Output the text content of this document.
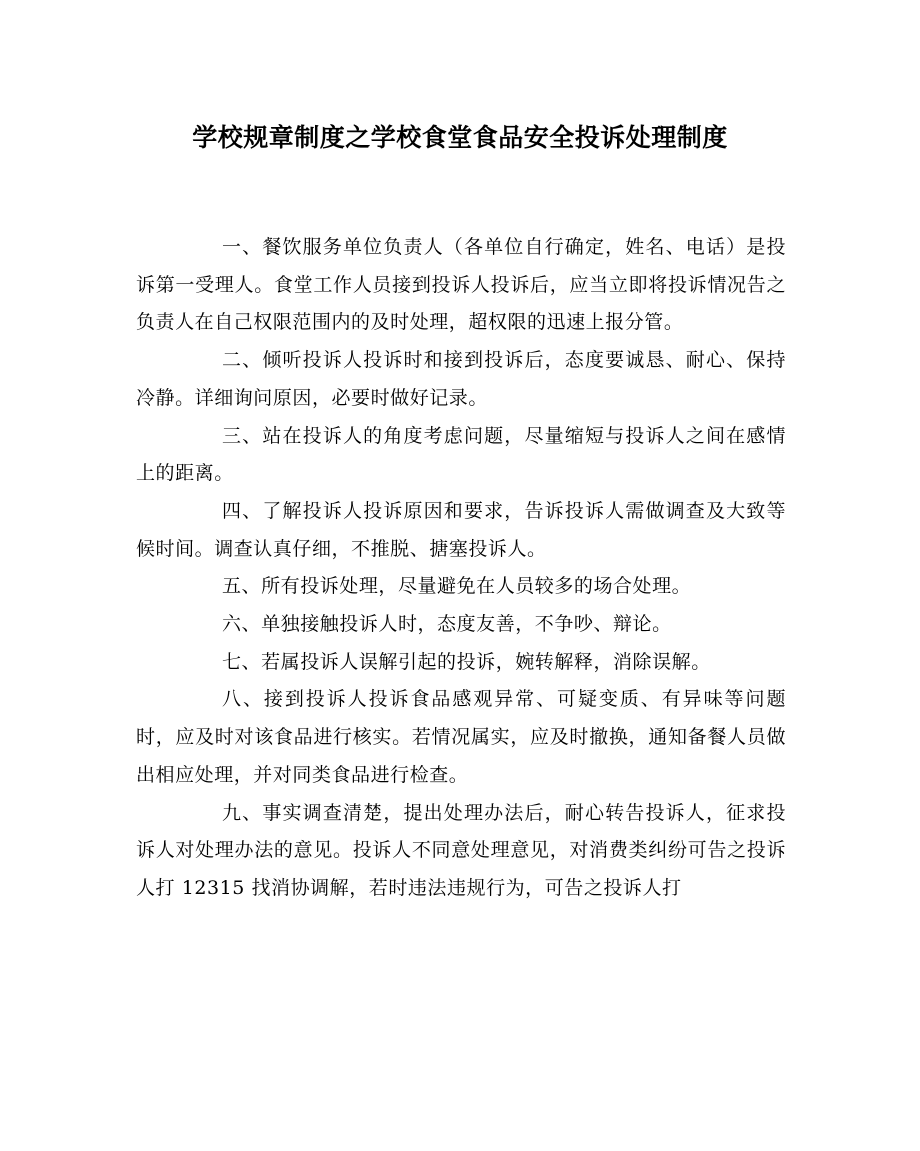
学校规章制度之学校食堂食品安全投诉处理制度

一、餐饮服务单位负责人（各单位自行确定，姓名、电话）是投诉第一受理人。食堂工作人员接到投诉人投诉后，应当立即将投诉情况告之负责人在自己权限范围内的及时处理，超权限的迅速上报分管。

二、倾听投诉人投诉时和接到投诉后，态度要诚恳、耐心、保持冷静。详细询问原因，必要时做好记录。

三、站在投诉人的角度考虑问题，尽量缩短与投诉人之间在感情上的距离。

四、了解投诉人投诉原因和要求，告诉投诉人需做调查及大致等候时间。调查认真仔细，不推脱、搪塞投诉人。

五、所有投诉处理，尽量避免在人员较多的场合处理。

六、单独接触投诉人时，态度友善，不争吵、辩论。

七、若属投诉人误解引起的投诉，婉转解释，消除误解。

八、接到投诉人投诉食品感观异常、可疑变质、有异味等问题时，应及时对该食品进行核实。若情况属实，应及时撤换，通知备餐人员做出相应处理，并对同类食品进行检查。

九、事实调查清楚，提出处理办法后，耐心转告投诉人，征求投诉人对处理办法的意见。投诉人不同意处理意见，对消费类纠纷可告之投诉人打 12315 找消协调解，若时违法违规行为，可告之投诉人打
